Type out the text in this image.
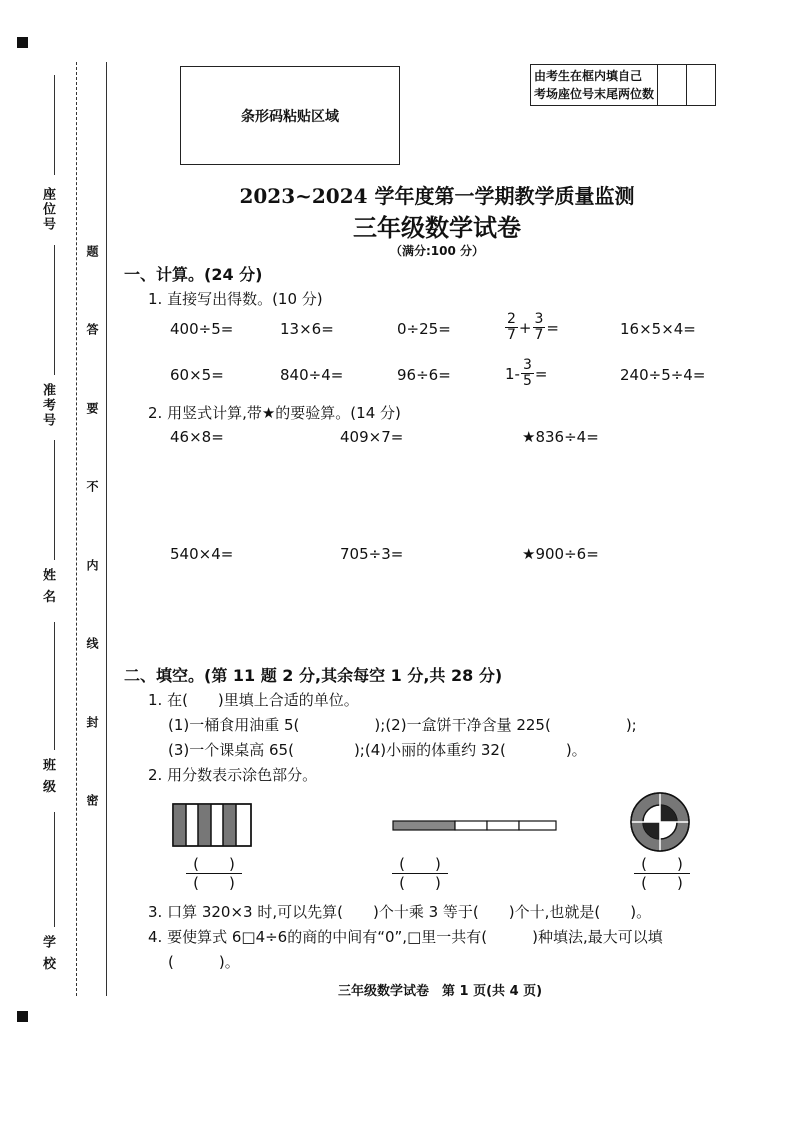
座位号
准考号
姓 名
班 级
学 校
题
答
要
不
内
线
封
密
条形码粘贴区域
由考生在框内填自己
考场座位号末尾两位数
2023~2024 学年度第一学期教学质量监测
三年级数学试卷
（满分:100 分）
一、计算。(24 分)
1. 直接写出得数。(10 分)
400÷5=	13×6=	0÷25=	$\frac{2}{7} + \frac{3}{7}$ =	16×5×4=
60×5=	840÷4=	96÷6=	$1- \frac{3}{5}$ =	240÷5÷4=
2. 用竖式计算,带★的要验算。(14 分)
46×8=	409×7=	★836÷4=
540×4=	705÷3=	★900÷6=
二、填空。(第 11 题 2 分,其余每空 1 分,共 28 分)
1. 在(　　)里填上合适的单位。
(1)一桶食用油重 5(　　　　　);(2)一盒饼干净含量 225(　　　　　);
(3)一个课桌高 65(　　　　);(4)小丽的体重约 32(　　　　)。
2. 用分数表示涂色部分。
(　　)
(　　)
(　　)
(　　)
(　　)
(　　)
3. 口算 320×3 时,可以先算(　　)个十乘 3 等于(　　)个十,也就是(　　)。
4. 要使算式 6□4÷6的商的中间有“0”,□里一共有(　　　)种填法,最大可以填
(　　　)。
三年级数学试卷　第 1 页(共 4 页)
